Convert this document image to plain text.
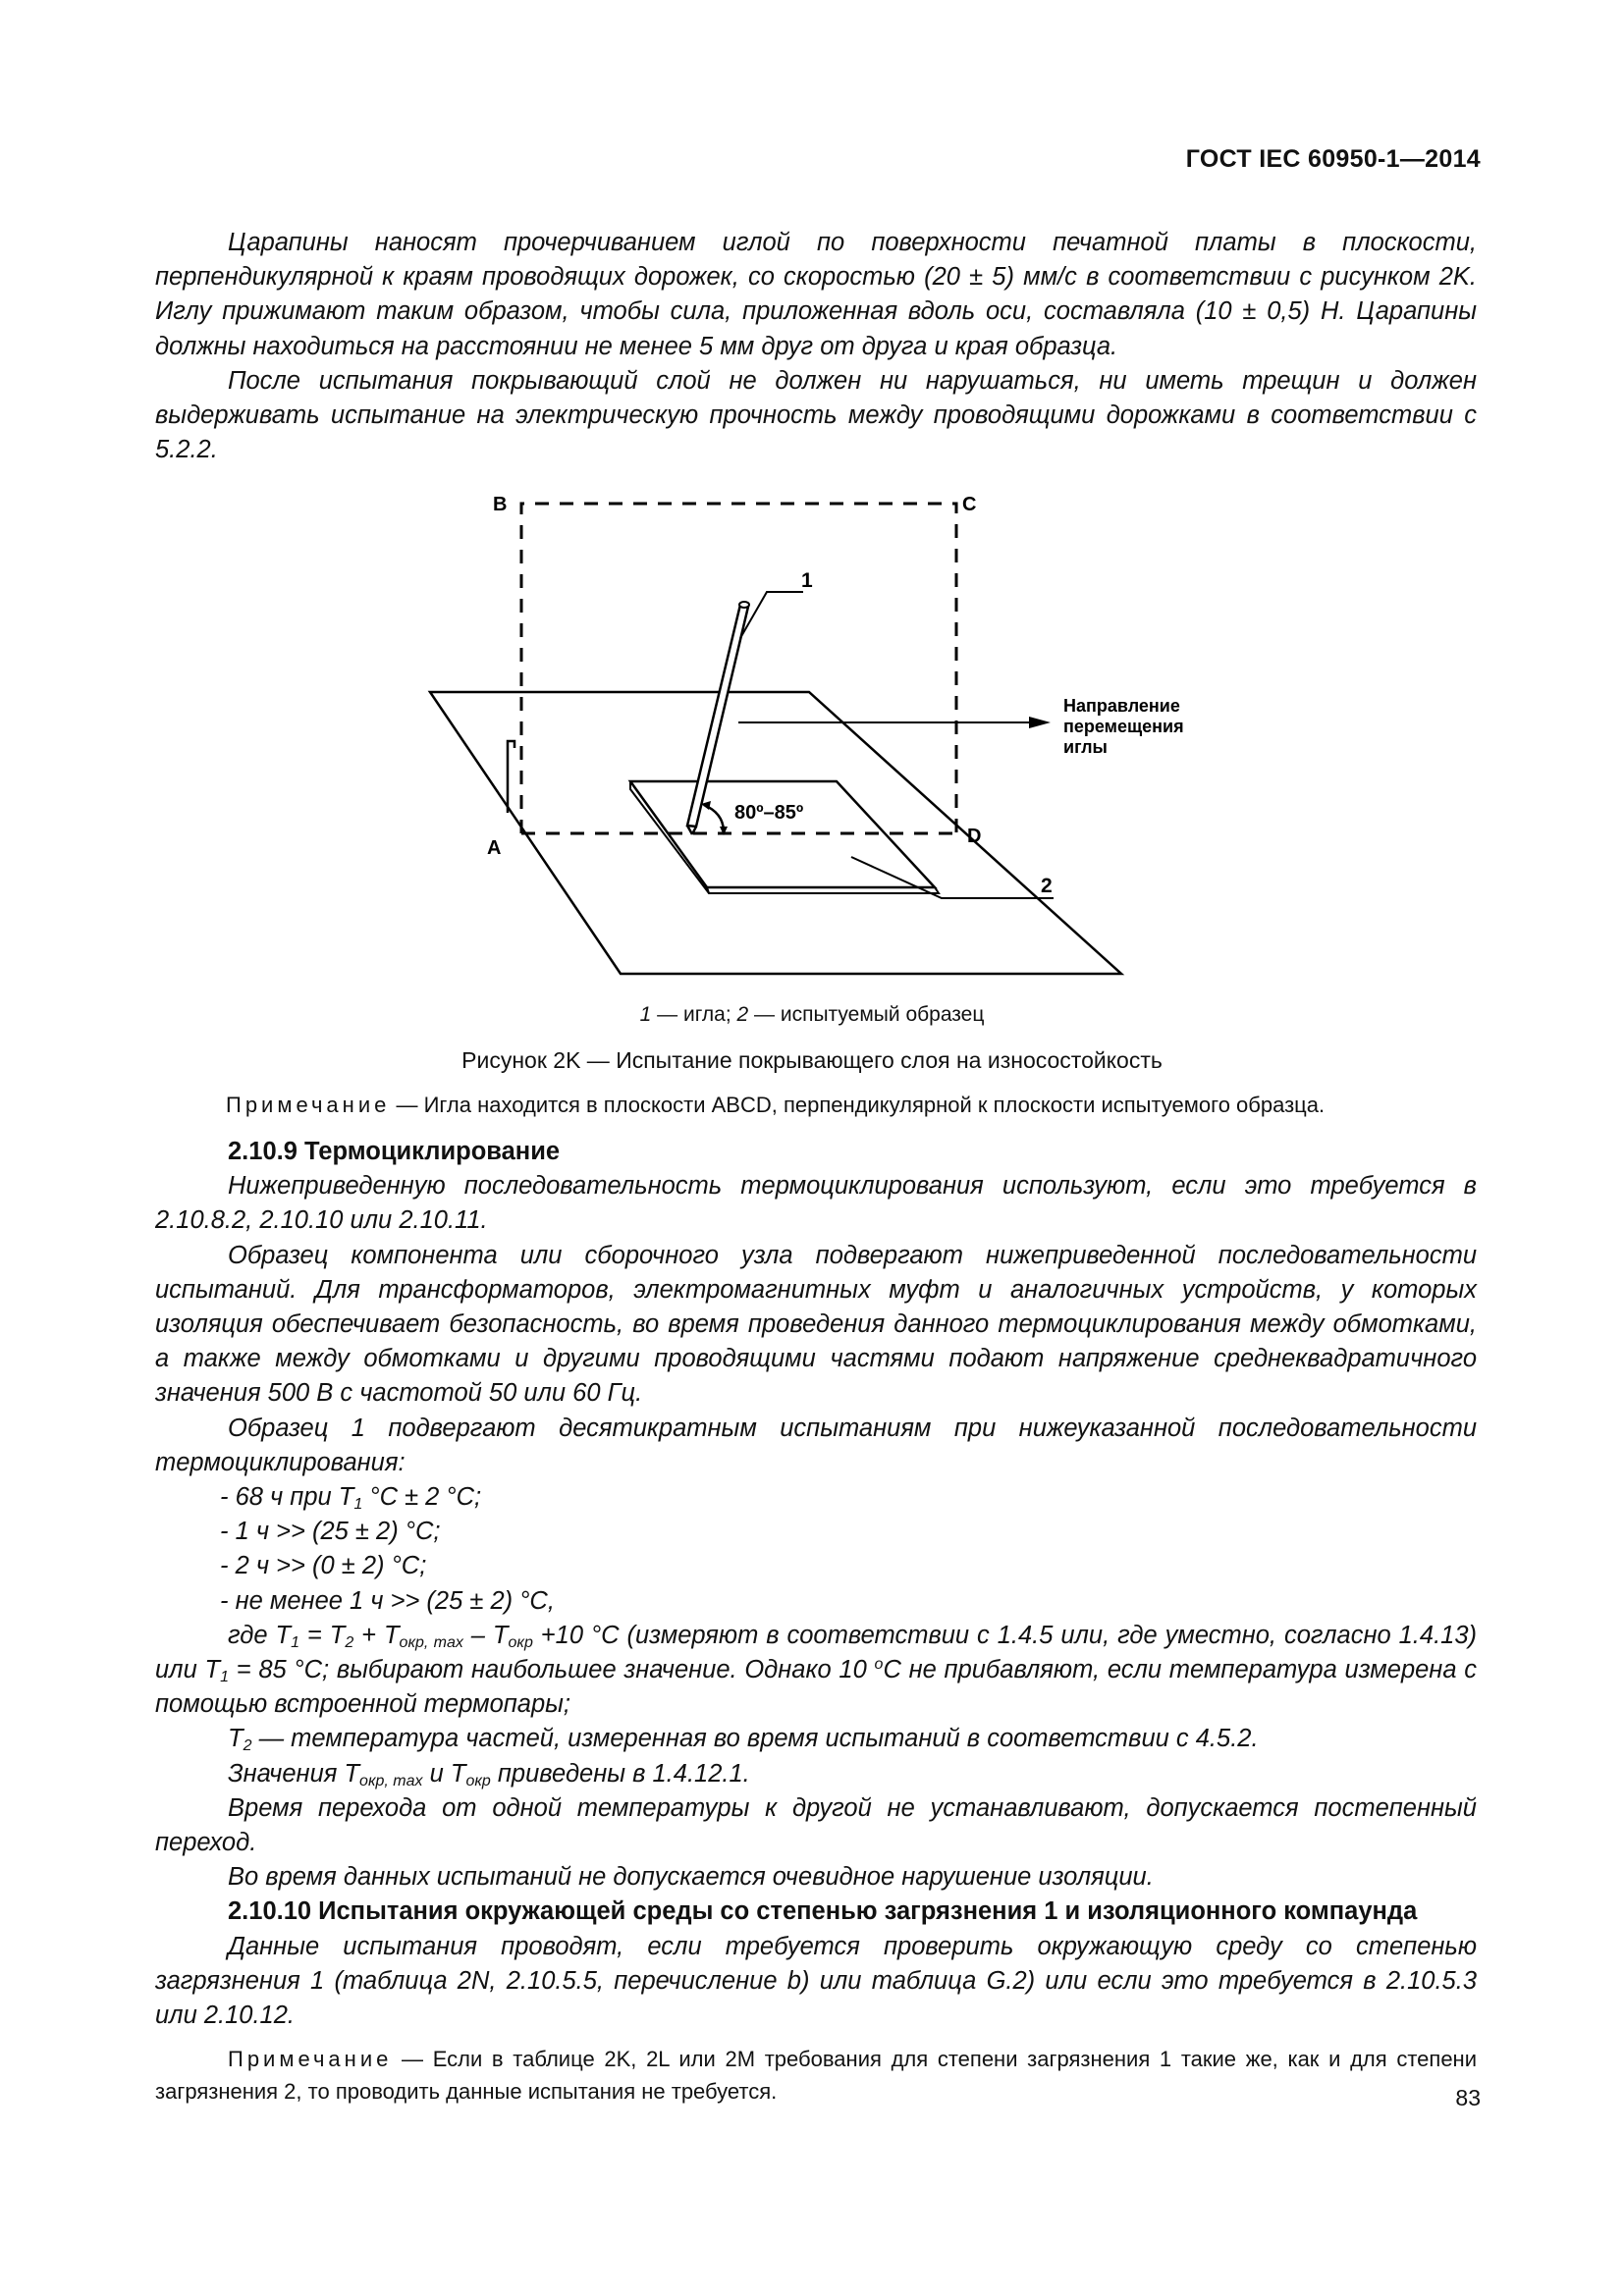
ГОСТ IEC 60950-1—2014

Царапины наносят прочерчиванием иглой по поверхности печатной платы в плоскости, перпендикулярной к краям проводящих дорожек, со скоростью (20 ± 5) мм/с в соответствии с рисунком 2K. Иглу прижимают таким образом, чтобы сила, приложенная вдоль оси, составляла (10 ± 0,5) Н. Царапины должны находиться на расстоянии не менее 5 мм друг от друга и края образца.

После испытания покрывающий слой не должен ни нарушаться, ни иметь трещин и должен выдерживать испытание на электрическую прочность между проводящими дорожками в соответствии с 5.2.2.

80º–85º
1
2
Направление
перемещения
иглы
B	C
A
D
1 — игла; 2 — испытуемый образец
Рисунок 2K — Испытание покрывающего слоя на износостойкость
Примечание — Игла находится в плоскости ABCD, перпендикулярной к плоскости испытуемого образца.

2.10.9 Термоциклирование

Нижеприведенную последовательность термоциклирования используют, если это требуется в 2.10.8.2, 2.10.10 или 2.10.11.

Образец компонента или сборочного узла подвергают нижеприведенной последовательности испытаний. Для трансформаторов, электромагнитных муфт и аналогичных устройств, у которых изоляция обеспечивает безопасность, во время проведения данного термоциклирования между обмотками, а также между обмотками и другими проводящими частями подают напряжение среднеквадратичного значения 500 В с частотой 50 или 60 Гц.

Образец 1 подвергают десятикратным испытаниям при нижеуказанной последовательности термоциклирования:

- 68 ч при $T_1$ °C ± 2 °C;

- 1 ч >> (25 ± 2) °C;

- 2 ч >> (0 ± 2) °C;

- не менее 1 ч >> (25 ± 2) °C,

где $T_1 = T_2 + T_{окр, max} - T_{окр} +10$ °C (измеряют в соответствии с 1.4.5 или, где уместно, согласно 1.4.13) или $T_1 = 85$ °C; выбирают наибольшее значение. Однако 10 $^o$C не прибавляют, если температура измерена с помощью встроенной термопары;

$T_2$ — температура частей, измеренная во время испытаний в соответствии с 4.5.2.

Значения $T_{окр, max}$ и $T_{окр}$ приведены в 1.4.12.1.

Время перехода от одной температуры к другой не устанавливают, допускается постепенный переход.

Во время данных испытаний не допускается очевидное нарушение изоляции.

2.10.10 Испытания окружающей среды со степенью загрязнения 1 и изоляционного компаунда

Данные испытания проводят, если требуется проверить окружающую среду со степенью загрязнения 1 (таблица 2N, 2.10.5.5, перечисление b) или таблица G.2) или если это требуется в 2.10.5.3 или 2.10.12.

Примечание — Если в таблице 2K, 2L или 2M требования для степени загрязнения 1 такие же, как и для степени загрязнения 2, то проводить данные испытания не требуется.	83
